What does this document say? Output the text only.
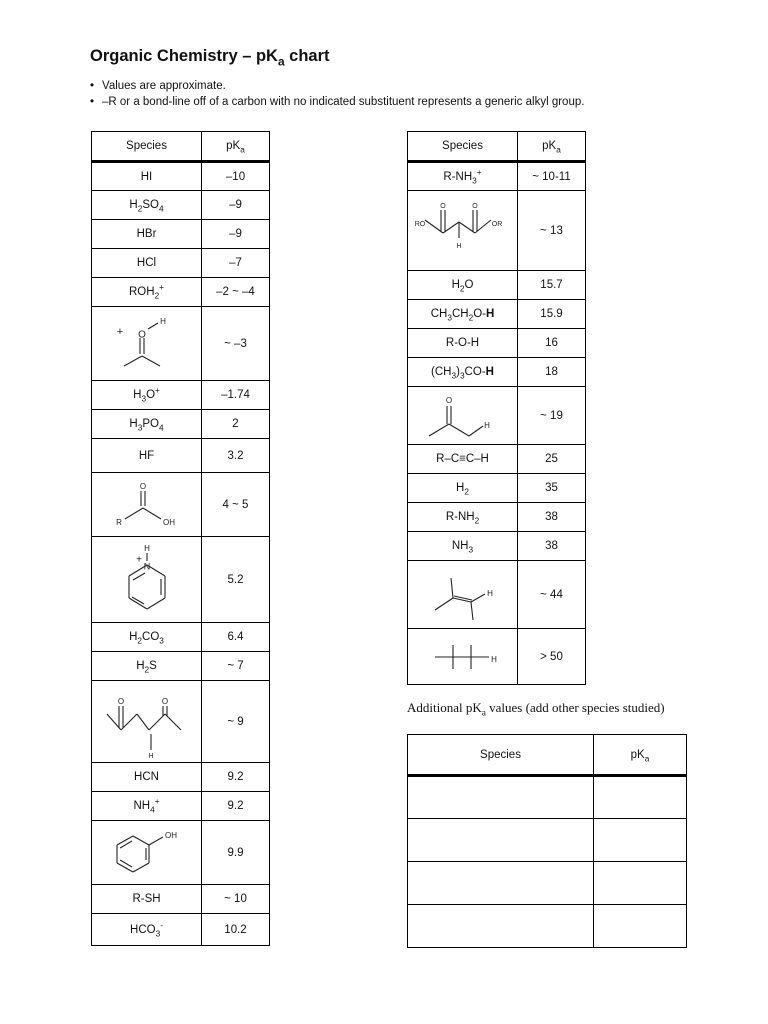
Organic Chemistry – $pK_a$ chart
• Values are approximate.
• –R or a bond-line off of a carbon with no indicated substituent represents a generic alkyl group.
Species	$pK_a$
HI	–10
$H_2SO_4$	–9
HBr	–9
HCl	–7
$ROH_2^+$	–2 ~ –4

+ O
H	~ –3
$H_3O^+$	–1.74
$H_3PO_4$	2
HF	3.2

O
R OH	4 ~ 5

+
N
H	5.2
$H_2CO_3$	6.4
$H_2S$	~ 7

O O
H	~ 9
HCN	9.2
$NH_4^+$	9.2

OH	9.9
R-SH	~ 10
$HCO_3^-$	10.2
Species	$pK_a$
$R-NH_3^+$	~ 10-11

O O
RO OR
H	~ 13
$H_2O$	15.7
$CH_3CH_2O-H$	15.9
R-O-H	16
$(CH_3)_3CO-H$	18

O
H	~ 19
R–C≡C–H	25
$H_2$	35
$R-NH_2$	38
$NH_3$	38

H	~ 44

H	> 50
Additional $pK_a$ values (add other species studied)
Species	$pK_a$
